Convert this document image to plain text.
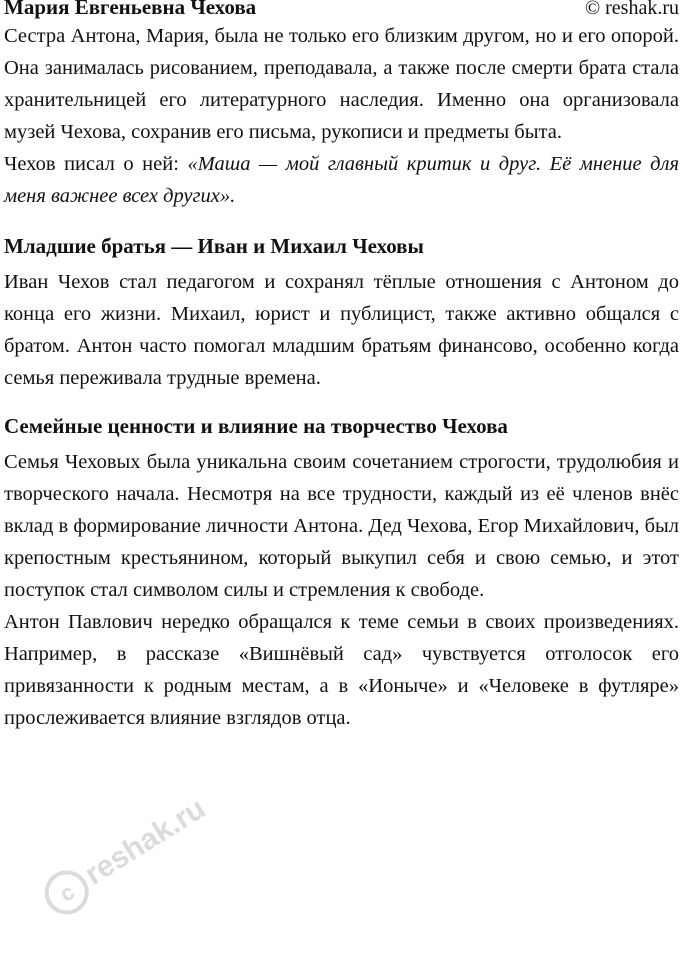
Мария Евгеньевна Чехова	© reshak.ru

Сестра Антона, Мария, была не только его близким другом, но и его опорой. Она занималась рисованием, преподавала, а также после смерти брата стала хранительницей его литературного наследия. Именно она организовала музей Чехова, сохранив его письма, рукописи и предметы быта.

Чехов писал о ней: «Маша — мой главный критик и друг. Её мнение для меня важнее всех других».

Младшие братья — Иван и Михаил Чеховы

Иван Чехов стал педагогом и сохранял тёплые отношения с Антоном до конца его жизни. Михаил, юрист и публицист, также активно общался с братом. Антон часто помогал младшим братьям финансово, особенно когда семья переживала трудные времена.

Семейные ценности и влияние на творчество Чехова

Семья Чеховых была уникальна своим сочетанием строгости, трудолюбия и творческого начала. Несмотря на все трудности, каждый из её членов внёс вклад в формирование личности Антона. Дед Чехова, Егор Михайлович, был крепостным крестьянином, который выкупил себя и свою семью, и этот поступок стал символом силы и стремления к свободе.

Антон Павлович нередко обращался к теме семьи в своих произведениях. Например, в рассказе «Вишнёвый сад» чувствуется отголосок его привязанности к родным местам, а в «Ионыче» и «Человеке в футляре» прослеживается влияние взглядов отца.

c
reshak.ru
